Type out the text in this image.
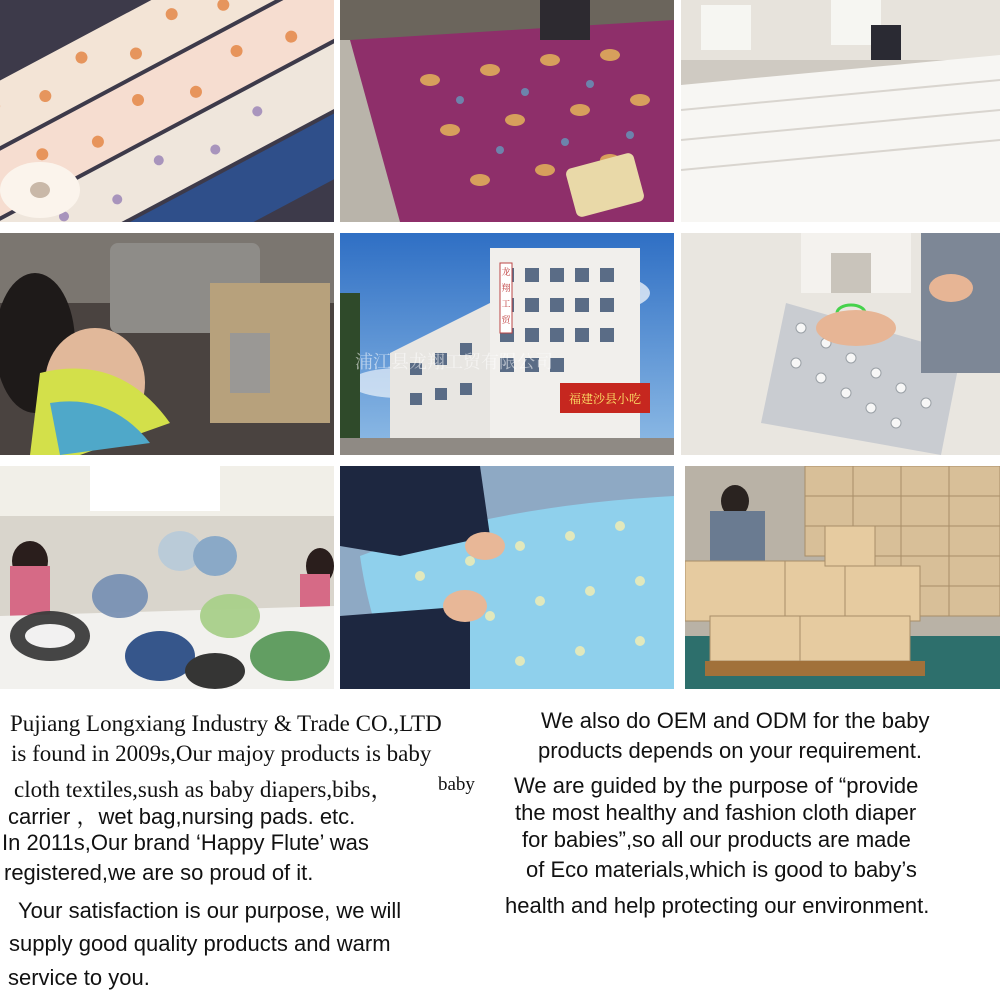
龙
翔
工
贸
福建沙县小吃
浦江县龙翔工贸有限公司
Pujiang Longxiang Industry & Trade CO.,LTD
is found in 2009s,Our majoy products is baby
cloth textiles,sush as baby diapers,bibs， baby
carrier ，wet bag,nursing pads. etc.
In 2011s,Our brand ‘Happy Flute’ was
registered,we are so proud of it.
Your satisfaction is our purpose, we will
supply good quality products and warm
service to you.
We also do OEM and ODM for the baby
products depends on your requirement.
We are guided by the purpose of “provide
the most healthy and fashion cloth diaper
for babies”,so all our products are made
of Eco materials,which is good to baby’s
health and help protecting our environment.
